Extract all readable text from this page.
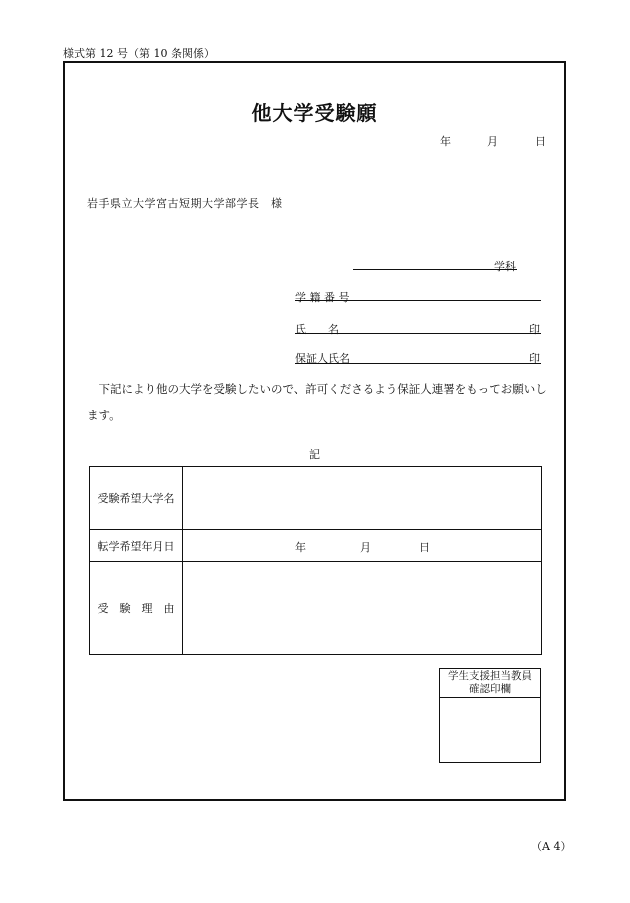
様式第 12 号（第 10 条関係）
他大学受験願
年	月	日
岩手県立大学宮古短期大学部学長　様
学科
学 籍 番 号
氏　　名	印
保証人氏名	印
　下記により他の大学を受験したいので、許可くださるよう保証人連署をもってお願いします。
記
受験希望大学名	
転学希望年月日	年 月 日

受　験　理　由	
学生支援担当教員
確認印欄
（A 4）
